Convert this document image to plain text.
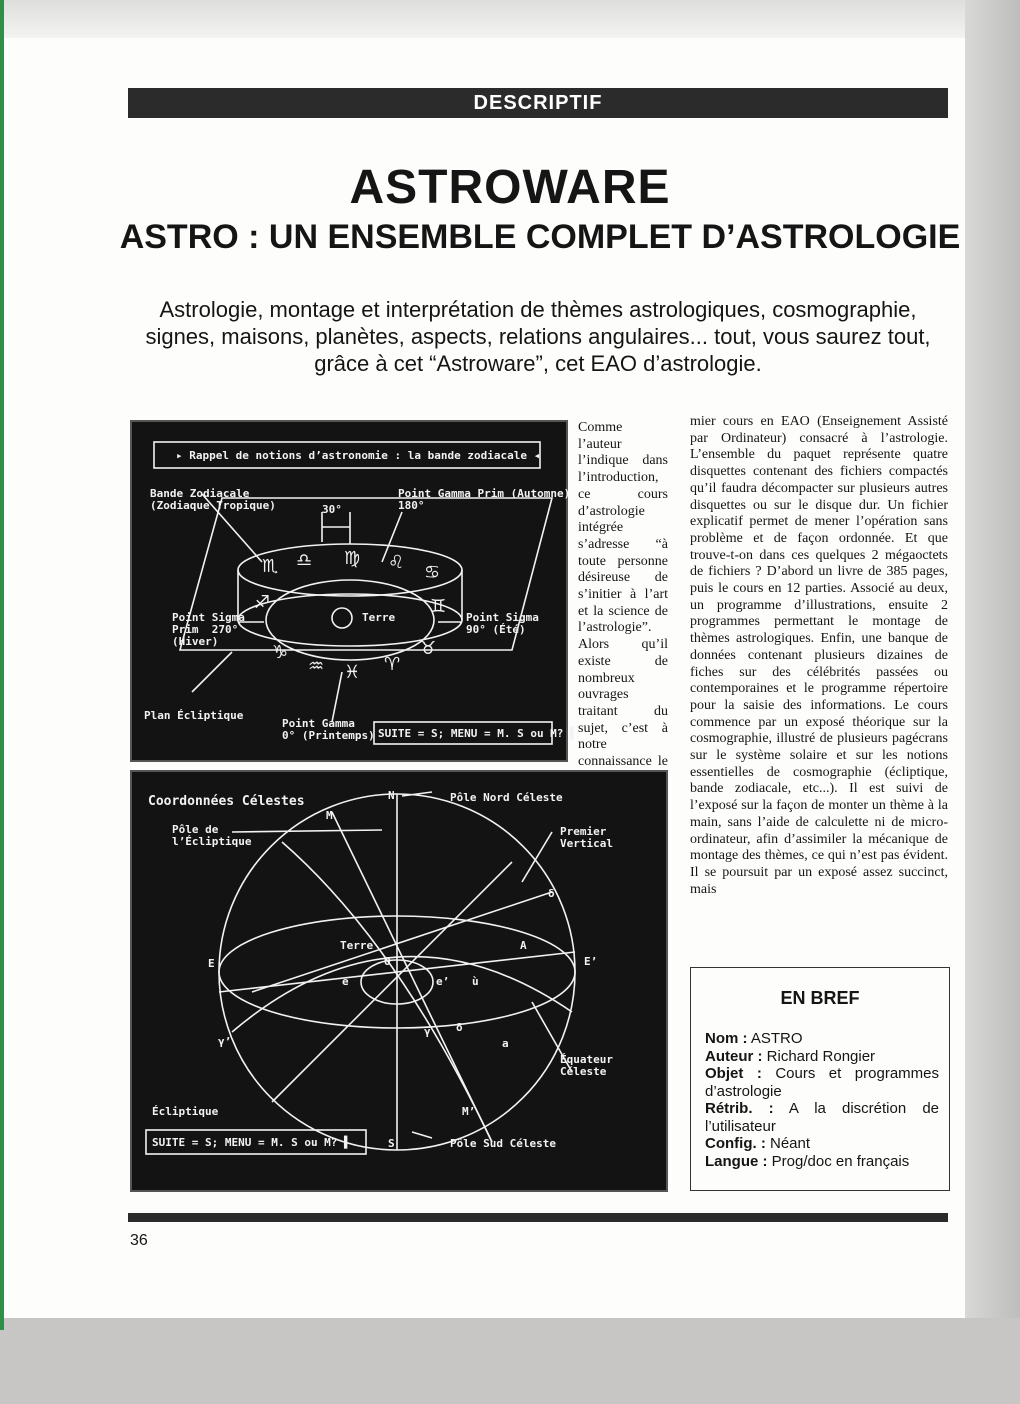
DESCRIPTIF
ASTROWARE
ASTRO : UN ENSEMBLE COMPLET D’ASTROLOGIE
Astrologie, montage et interprétation de thèmes astrologiques, cosmographie, signes, maisons, planètes, aspects, relations angulaires... tout, vous saurez tout, grâce à cet “Astroware”, cet EAO d’astrologie.
♏ ♎ ♍ ♌ ♋
♐	♊
♑
♒ ♓ ♈
♉
▸ Rappel de notions d’astronomie : la bande zodiacale ◂
Bande Zodiacale
(Zodiaque Tropique)
Point Gamma Prim (Automne)
180°
30°
Point Sigma
Prim  270°
(Hiver)
Terre	Point Sigma
90° (Été)
Plan Écliptique
Point Gamma
0° (Printemps) SUITE = S; MENU = M. S ou M? ▌
Coordonnées Célestes	N	Pôle Nord Céleste
M
Pôle de
l’Écliptique
Premier
Vertical
δ
Terre	A
E	E’
O
e	e’ ù
γ δ
a
γ’
Équateur
Céleste
M’
Écliptique
SUITE = S; MENU = M. S ou M? ▌	S	Pôle Sud Céleste
Comme l’auteur l’indique dans l’introduction, ce cours d’astrologie intégrée s’adresse “à toute personne désireuse de s’initier à l’art et la science de l’astrologie”. Alors qu’il existe de nombreux ouvrages traitant du sujet, c’est à notre connaissance le pre-
mier cours en EAO (Enseignement Assisté par Ordinateur) consacré à l’astrologie. L’ensemble du paquet représente quatre disquettes contenant des fichiers compactés qu’il faudra décompacter sur plusieurs autres disquettes ou sur le disque dur. Un fichier explicatif permet de mener l’opération sans problème et de façon ordonnée. Et que trouve-t-on dans ces quelques 2 mégaoctets de fichiers ? D’abord un livre de 385 pages, puis le cours en 12 parties. Associé au deux, un programme d’illustrations, ensuite 2 programmes permettant le montage de thèmes astrologiques. Enfin, une banque de données contenant plusieurs dizaines de fiches sur des célébrités passées ou contemporaines et le programme répertoire pour la saisie des informations. Le cours commence par un exposé théorique sur la cosmographie, illustré de plusieurs pagécrans sur le système solaire et sur les notions essentielles de cosmographie (écliptique, bande zodiacale, etc...). Il est suivi de l’exposé sur la façon de monter un thème à la main, sans l’aide de calculette ni de micro-ordinateur, afin d’assimiler la mécanique de montage des thèmes, ce qui n’est pas évident. Il se poursuit par un exposé assez succinct, mais
EN BREF

Nom : ASTRO

Auteur : Richard Rongier

Objet : Cours et programmes d’astrologie

Rétrib. : A la discrétion de l’utilisateur

Config. : Néant

Langue : Prog/doc en français

36
